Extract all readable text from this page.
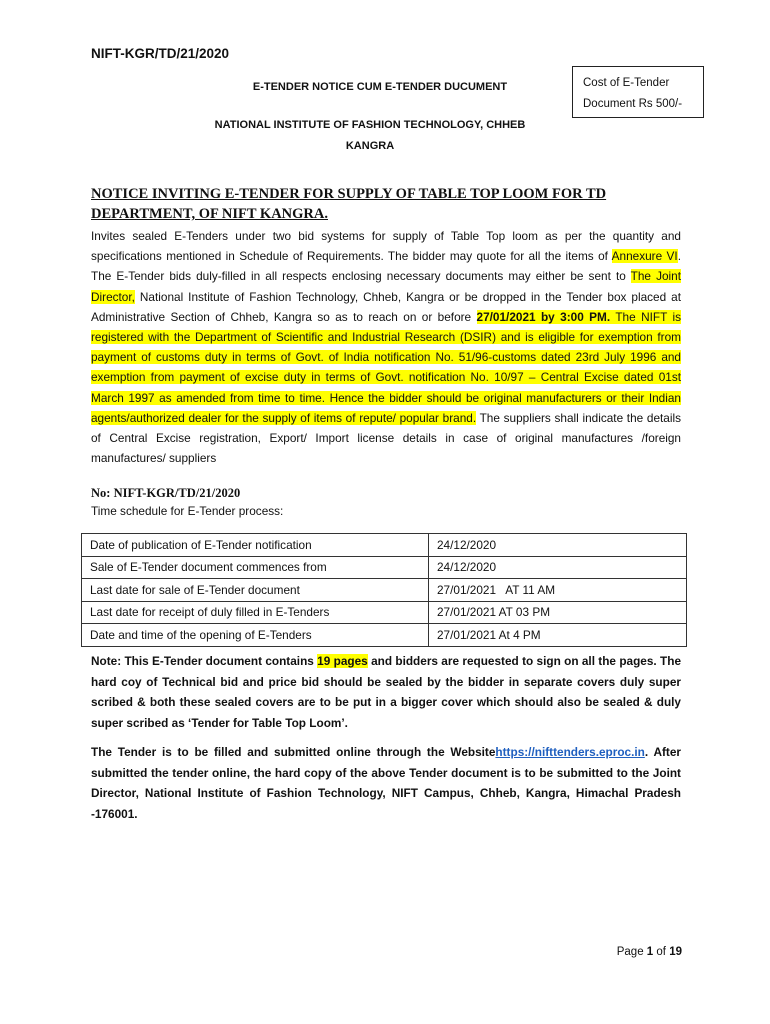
NIFT-KGR/TD/21/2020
E-TENDER NOTICE CUM E-TENDER DUCUMENT
NATIONAL INSTITUTE OF FASHION TECHNOLOGY, CHHEB
KANGRA
Cost of E-Tender
Document Rs 500/-
NOTICE INVITING E-TENDER FOR SUPPLY OF TABLE TOP LOOM FOR TD
DEPARTMENT, OF NIFT KANGRA.
Invites sealed E-Tenders under two bid systems for supply of Table Top loom as per the quantity and specifications mentioned in Schedule of Requirements. The bidder may quote for all the items of Annexure VI. The E-Tender bids duly-filled in all respects enclosing necessary documents may either be sent to The Joint Director, National Institute of Fashion Technology, Chheb, Kangra or be dropped in the Tender box placed at Administrative Section of Chheb, Kangra so as to reach on or before 27/01/2021 by 3:00 PM. The NIFT is registered with the Department of Scientific and Industrial Research (DSIR) and is eligible for exemption from payment of customs duty in terms of Govt. of India notification No. 51/96-customs dated 23rd July 1996 and exemption from payment of excise duty in terms of Govt. notification No. 10/97 – Central Excise dated 01st March 1997 as amended from time to time. Hence the bidder should be original manufacturers or their Indian agents/authorized dealer for the supply of items of repute/ popular brand. The suppliers shall indicate the details of Central Excise registration, Export/ Import license details in case of original manufactures /foreign manufactures/ suppliers
No: NIFT-KGR/TD/21/2020
Time schedule for E-Tender process:
Date of publication of E-Tender notification	24/12/2020
Sale of E-Tender document commences from	24/12/2020
Last date for sale of E-Tender document	27/01/2021   AT 11 AM
Last date for receipt of duly filled in E-Tenders	27/01/2021 AT 03 PM
Date and time of the opening of E-Tenders	27/01/2021 At 4 PM
Note: This E-Tender document contains 19 pages and bidders are requested to sign on all the pages. The hard coy of Technical bid and price bid should be sealed by the bidder in separate covers duly super scribed & both these sealed covers are to be put in a bigger cover which should also be sealed & duly super scribed as ‘Tender for Table Top Loom’.
The Tender is to be filled and submitted online through the Websitehttps://nifttenders.eproc.in. After submitted the tender online, the hard copy of the above Tender document is to be submitted to the Joint Director, National Institute of Fashion Technology, NIFT Campus, Chheb, Kangra, Himachal Pradesh -176001.
Page 1 of 19
